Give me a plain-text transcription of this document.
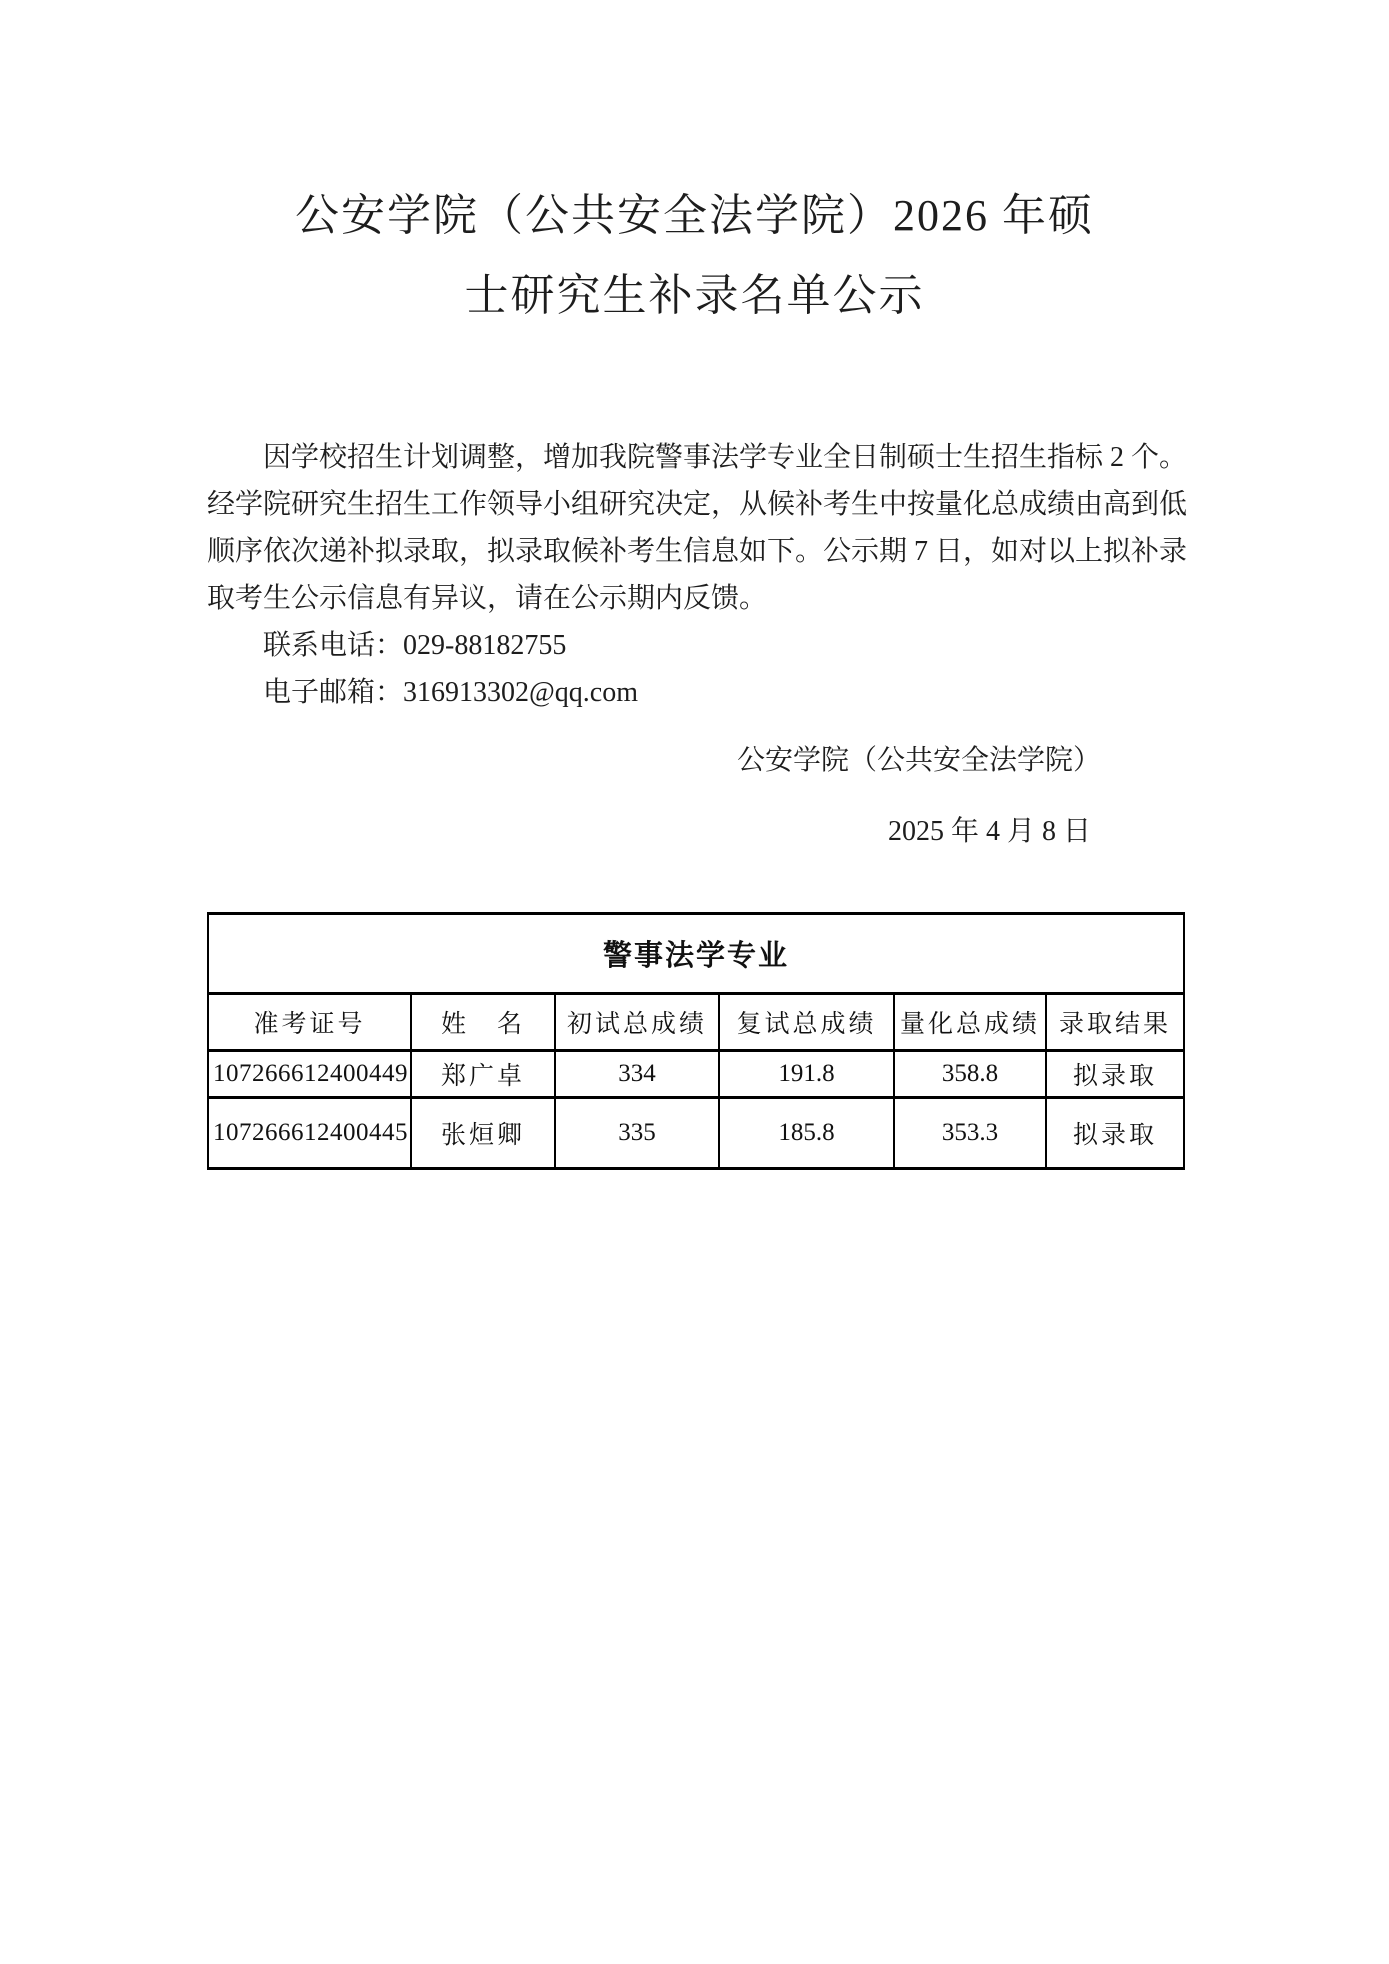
公安学院（公共安全法学院）2026 年硕
士研究生补录名单公示
因学校招生计划调整，增加我院警事法学专业全日制硕士生招生指标 2 个。
经学院研究生招生工作领导小组研究决定，从候补考生中按量化总成绩由高到低
顺序依次递补拟录取，拟录取候补考生信息如下。公示期 7 日，如对以上拟补录
取考生公示信息有异议，请在公示期内反馈。
联系电话：029-88182755
电子邮箱：316913302@qq.com
公安学院（公共安全法学院）
2025 年 4 月 8 日
警事法学专业					
准考证号	姓　名	初试总成绩	复试总成绩	量化总成绩	录取结果
107266612400449	郑广卓	334	191.8	358.8	拟录取
107266612400445	张烜卿	335	185.8	353.3	拟录取
